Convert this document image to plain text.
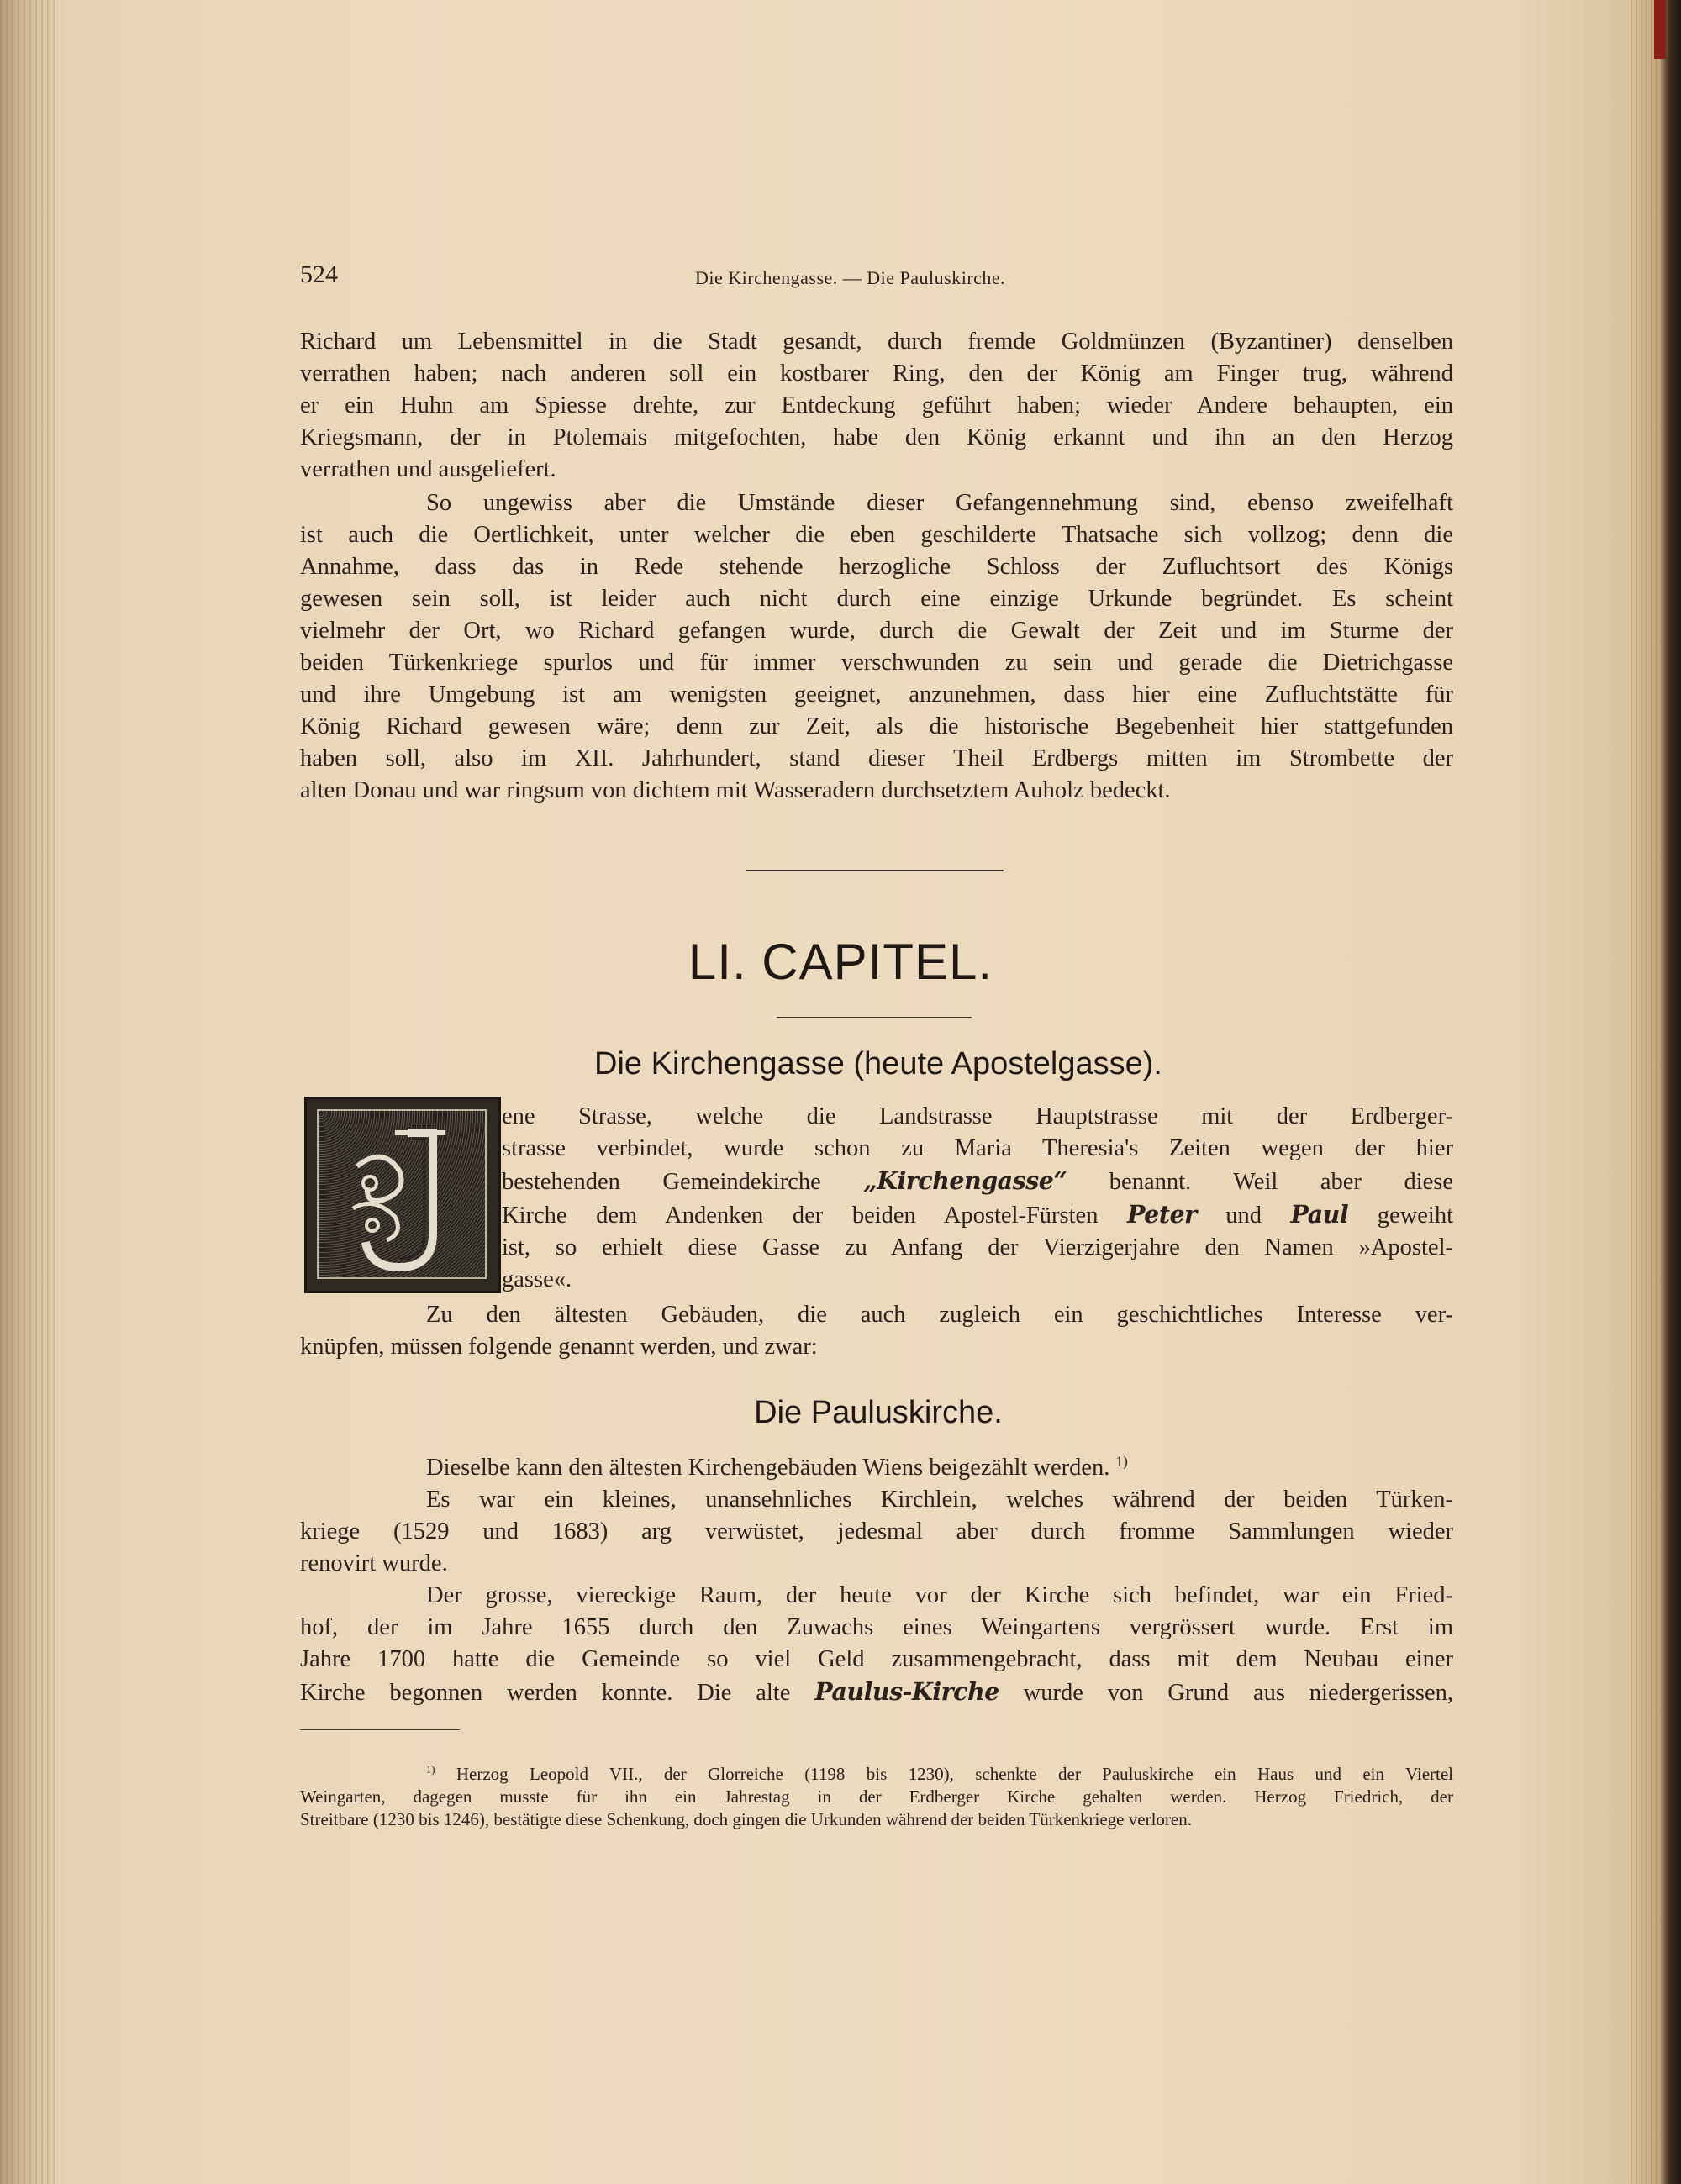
524	Die Kirchengasse. — Die Pauluskirche.
Richard um Lebensmittel in die Stadt gesandt, durch fremde Goldmünzen (Byzantiner) denselben
verrathen haben; nach anderen soll ein kostbarer Ring, den der König am Finger trug, während
er ein Huhn am Spiesse drehte, zur Entdeckung geführt haben; wieder Andere behaupten, ein
Kriegsmann, der in Ptolemais mitgefochten, habe den König erkannt und ihn an den Herzog
verrathen und ausgeliefert.
So ungewiss aber die Umstände dieser Gefangennehmung sind, ebenso zweifelhaft
ist auch die Oertlichkeit, unter welcher die eben geschilderte Thatsache sich vollzog; denn die
Annahme, dass das in Rede stehende herzogliche Schloss der Zufluchtsort des Königs
gewesen sein soll, ist leider auch nicht durch eine einzige Urkunde begründet. Es scheint
vielmehr der Ort, wo Richard gefangen wurde, durch die Gewalt der Zeit und im Sturme der
beiden Türkenkriege spurlos und für immer verschwunden zu sein und gerade die Dietrichgasse
und ihre Umgebung ist am wenigsten geeignet, anzunehmen, dass hier eine Zufluchtstätte für
König Richard gewesen wäre; denn zur Zeit, als die historische Begebenheit hier stattgefunden
haben soll, also im XII. Jahrhundert, stand dieser Theil Erdbergs mitten im Strombette der
alten Donau und war ringsum von dichtem mit Wasseradern durchsetztem Auholz bedeckt.
LI. CAPITEL.
Die Kirchengasse (heute Apostelgasse).
ene Strasse, welche die Landstrasse Hauptstrasse mit der Erdberger-
strasse verbindet, wurde schon zu Maria Theresia's Zeiten wegen der hier
bestehenden Gemeindekirche „Kirchengasse“ benannt. Weil aber diese
Kirche dem Andenken der beiden Apostel-Fürsten Peter und Paul geweiht
ist, so erhielt diese Gasse zu Anfang der Vierzigerjahre den Namen »Apostel-
gasse«.
Zu den ältesten Gebäuden, die auch zugleich ein geschichtliches Interesse ver-
knüpfen, müssen folgende genannt werden, und zwar:
Die Pauluskirche.
Dieselbe kann den ältesten Kirchengebäuden Wiens beigezählt werden. $^{1)}$
Es war ein kleines, unansehnliches Kirchlein, welches während der beiden Türken-
kriege (1529 und 1683) arg verwüstet, jedesmal aber durch fromme Sammlungen wieder
renovirt wurde.
Der grosse, viereckige Raum, der heute vor der Kirche sich befindet, war ein Fried-
hof, der im Jahre 1655 durch den Zuwachs eines Weingartens vergrössert wurde. Erst im
Jahre 1700 hatte die Gemeinde so viel Geld zusammengebracht, dass mit dem Neubau einer
Kirche begonnen werden konnte. Die alte Paulus-Kirche wurde von Grund aus niedergerissen,
$^{1)}$ Herzog Leopold VII., der Glorreiche (1198 bis 1230), schenkte der Pauluskirche ein Haus und ein Viertel
Weingarten, dagegen musste für ihn ein Jahrestag in der Erdberger Kirche gehalten werden. Herzog Friedrich, der
Streitbare (1230 bis 1246), bestätigte diese Schenkung, doch gingen die Urkunden während der beiden Türkenkriege verloren.
